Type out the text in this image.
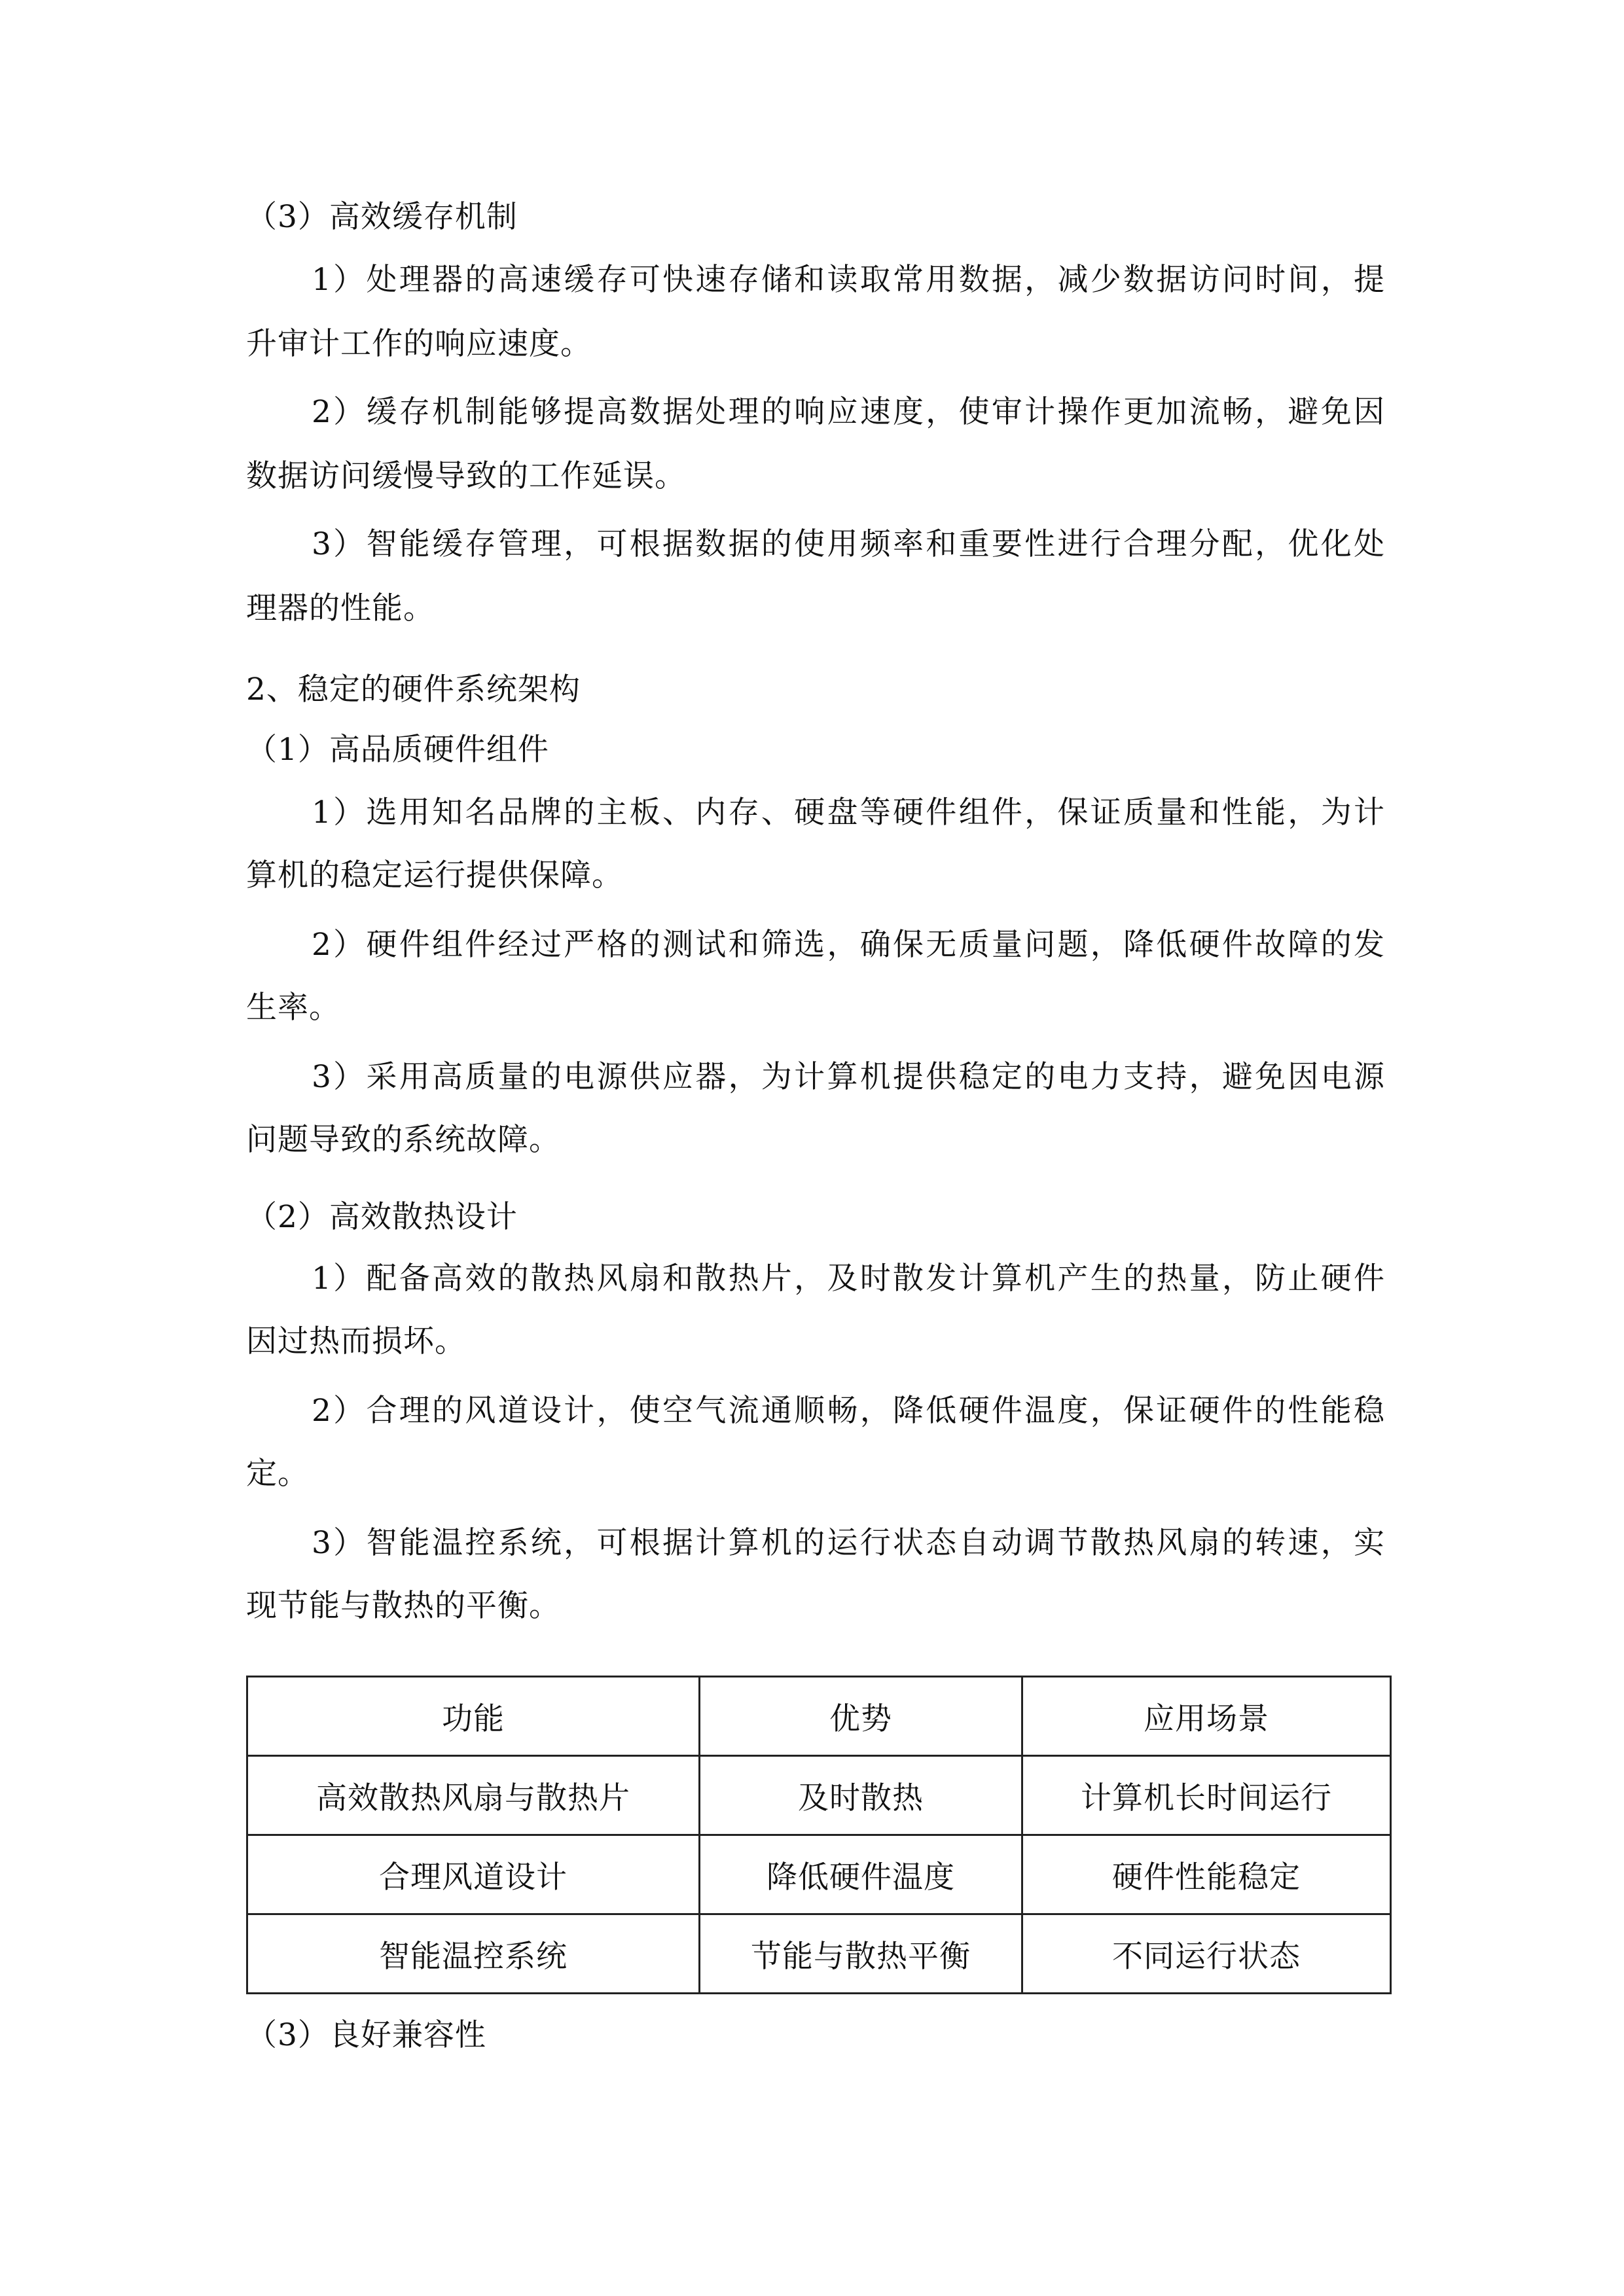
（3）高效缓存机制
1）处理器的高速缓存可快速存储和读取常用数据，减少数据访问时间，提
升审计工作的响应速度。
2）缓存机制能够提高数据处理的响应速度，使审计操作更加流畅，避免因
数据访问缓慢导致的工作延误。
3）智能缓存管理，可根据数据的使用频率和重要性进行合理分配，优化处
理器的性能。
2、稳定的硬件系统架构
（1）高品质硬件组件
1）选用知名品牌的主板、内存、硬盘等硬件组件，保证质量和性能，为计
算机的稳定运行提供保障。
2）硬件组件经过严格的测试和筛选，确保无质量问题，降低硬件故障的发
生率。
3）采用高质量的电源供应器，为计算机提供稳定的电力支持，避免因电源
问题导致的系统故障。
（2）高效散热设计
1）配备高效的散热风扇和散热片，及时散发计算机产生的热量，防止硬件
因过热而损坏。
2）合理的风道设计，使空气流通顺畅，降低硬件温度，保证硬件的性能稳
定。
3）智能温控系统，可根据计算机的运行状态自动调节散热风扇的转速，实
现节能与散热的平衡。
功能	优势	应用场景
高效散热风扇与散热片	及时散热	计算机长时间运行
合理风道设计	降低硬件温度	硬件性能稳定
智能温控系统	节能与散热平衡	不同运行状态
（3）良好兼容性
